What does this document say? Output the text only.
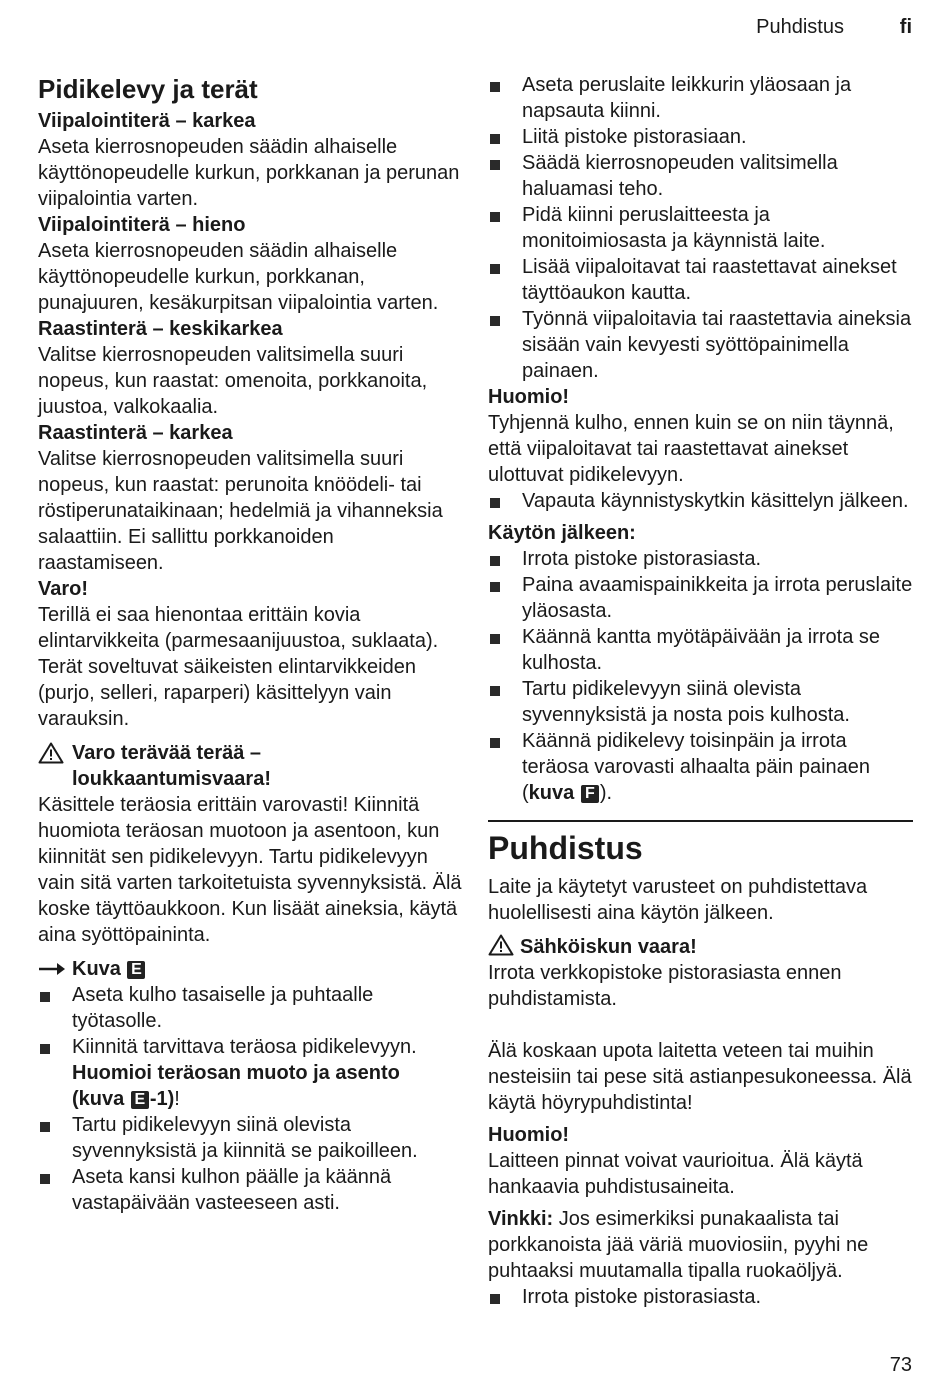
Puhdistus	fi
Pidikelevy ja terät

Viipalointiterä – karkea

Aseta kierrosnopeuden säädin alhaiselle käyttönopeudelle kurkun, porkkanan ja perunan viipalointia varten.

Viipalointiterä – hieno

Aseta kierrosnopeuden säädin alhaiselle käyttönopeudelle kurkun, porkkanan, punajuuren, kesäkurpitsan viipalointia varten.

Raastinterä – keskikarkea

Valitse kierrosnopeuden valitsimella suuri nopeus, kun raastat: omenoita, porkkanoita, juustoa, valkokaalia.

Raastinterä – karkea

Valitse kierrosnopeuden valitsimella suuri nopeus, kun raastat: perunoita knöödeli- tai röstiperunataikinaan; hedelmiä ja vihanneksia salaattiin. Ei sallittu porkkanoiden raastamiseen.

Varo!

Terillä ei saa hienontaa erittäin kovia elintarvikkeita (parmesaanijuustoa, suklaata). Terät soveltuvat säikeisten elintarvikkeiden (purjo, selleri, raparperi) käsittelyyn vain varauksin.

Varo terävää terää –
loukkaantumisvaara!

Käsittele teräosia erittäin varovasti! Kiinnitä huomiota teräosan muotoon ja asentoon, kun kiinnität sen pidikelevyyn. Tartu pidikelevyyn vain sitä varten tarkoitetuista syvennyksistä. Älä koske täyttöaukkoon. Kun lisäät aineksia, käytä aina syöttöpaininta.

Kuva E
Aseta kulho tasaiselle ja puhtaalle työtasolle.
Kiinnitä tarvittava teräosa pidikelevyyn.
Huomioi teräosan muoto ja asento
(kuva E -1)!
Tartu pidikelevyyn siinä olevista syvennyksistä ja kiinnitä se paikoilleen.
Aseta kansi kulhon päälle ja käännä vastapäivään vasteeseen asti.
Aseta peruslaite leikkurin yläosaan ja napsauta kiinni.
Liitä pistoke pistorasiaan.
Säädä kierrosnopeuden valitsimella haluamasi teho.
Pidä kiinni peruslaitteesta ja monitoimiosasta ja käynnistä laite.
Lisää viipaloitavat tai raastettavat ainekset täyttöaukon kautta.
Työnnä viipaloitavia tai raastettavia aineksia sisään vain kevyesti syöttöpainimella painaen.

Huomio!

Tyhjennä kulho, ennen kuin se on niin täynnä, että viipaloitavat tai raastettavat ainekset ulottuvat pidikelevyyn.

Vapauta käynnistyskytkin käsittelyn jälkeen.

Käytön jälkeen:

Irrota pistoke pistorasiasta.
Paina avaamispainikkeita ja irrota peruslaite yläosasta.
Käännä kantta myötäpäivään ja irrota se kulhosta.
Tartu pidikelevyyn siinä olevista syvennyksistä ja nosta pois kulhosta.
Käännä pidikelevy toisinpäin ja irrota teräosa varovasti alhaalta päin painaen (kuva F ).
Puhdistus

Laite ja käytetyt varusteet on puhdistettava huolellisesti aina käytön jälkeen.

Sähköiskun vaara!

Irrota verkkopistoke pistorasiasta ennen puhdistamista.

Älä koskaan upota laitetta veteen tai muihin nesteisiin tai pese sitä astianpesukoneessa. Älä käytä höyrypuhdistinta!

Huomio!

Laitteen pinnat voivat vaurioitua. Älä käytä hankaavia puhdistusaineita.

Vinkki: Jos esimerkiksi punakaalista tai porkkanoista jää väriä muoviosiin, pyyhi ne puhtaaksi muutamalla tipalla ruokaöljyä.

Irrota pistoke pistorasiasta.
73
